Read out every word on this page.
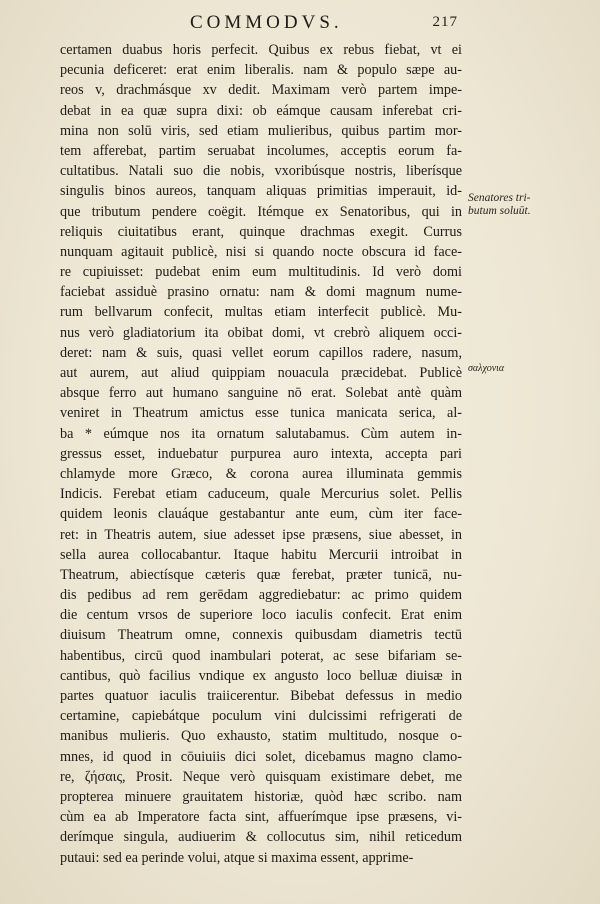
COMMODVS.	217
certamen duabus horis perfecit. Quibus ex rebus fiebat, vt ei
pecunia deficeret: erat enim liberalis. nam & populo sæpe au-
reos v, drachmásque xv dedit. Maximam verò partem impe-
debat in ea quæ supra dixi: ob eámque causam inferebat cri-
mina non solū viris, sed etiam mulieribus, quibus partim mor-
tem afferebat, partim seruabat incolumes, acceptis eorum fa-
cultatibus. Natali suo die nobis, vxoribúsque nostris, liberísque
singulis binos aureos, tanquam aliquas primitias imperauit, id-
que tributum pendere coëgit. Itémque ex Senatoribus, qui in
reliquis ciuitatibus erant, quinque drachmas exegit. Currus
nunquam agitauit publicè, nisi si quando nocte obscura id face-
re cupiuisset: pudebat enim eum multitudinis. Id verò domi
faciebat assiduè prasino ornatu: nam & domi magnum nume-
rum bellvarum confecit, multas etiam interfecit publicè. Mu-
nus verò gladiatorium ita obibat domi, vt crebrò aliquem occi-
deret: nam & suis, quasi vellet eorum capillos radere, nasum,
aut aurem, aut aliud quippiam nouacula præcidebat. Publicè
absque ferro aut humano sanguine nō erat. Solebat antè quàm
veniret in Theatrum amictus esse tunica manicata serica, al-
ba * eúmque nos ita ornatum salutabamus. Cùm autem in-
gressus esset, induebatur purpurea auro intexta, accepta pari
chlamyde more Græco, & corona aurea illuminata gemmis
Indicis. Ferebat etiam caduceum, quale Mercurius solet. Pellis
quidem leonis clauáque gestabantur ante eum, cùm iter face-
ret: in Theatris autem, siue adesset ipse præsens, siue abesset, in
sella aurea collocabantur. Itaque habitu Mercurii introibat in
Theatrum, abiectísque cæteris quæ ferebat, præter tunicā, nu-
dis pedibus ad rem gerēdam aggrediebatur: ac primo quidem
die centum vrsos de superiore loco iaculis confecit. Erat enim
diuisum Theatrum omne, connexis quibusdam diametris tectū
habentibus, circū quod inambulari poterat, ac sese bifariam se-
cantibus, quò facilius vndique ex angusto loco belluæ diuisæ in
partes quatuor iaculis traiicerentur. Bibebat defessus in medio
certamine, capiebátque poculum vini dulcissimi refrigerati de
manibus mulieris. Quo exhausto, statim multitudo, nosque o-
mnes, id quod in cōuiuiis dici solet, dicebamus magno clamo-
re, ζήσαις, Prosit. Neque verò quisquam existimare debet, me
propterea minuere grauitatem historiæ, quòd hæc scribo. nam
cùm ea ab Imperatore facta sint, affuerímque ipse præsens, vi-
derímque singula, audiuerim & collocutus sim, nihil reticedum
putaui: sed ea perinde volui, atque si maxima essent, apprime-
Senatores tri-
butum soluūt.
σαλχονια
